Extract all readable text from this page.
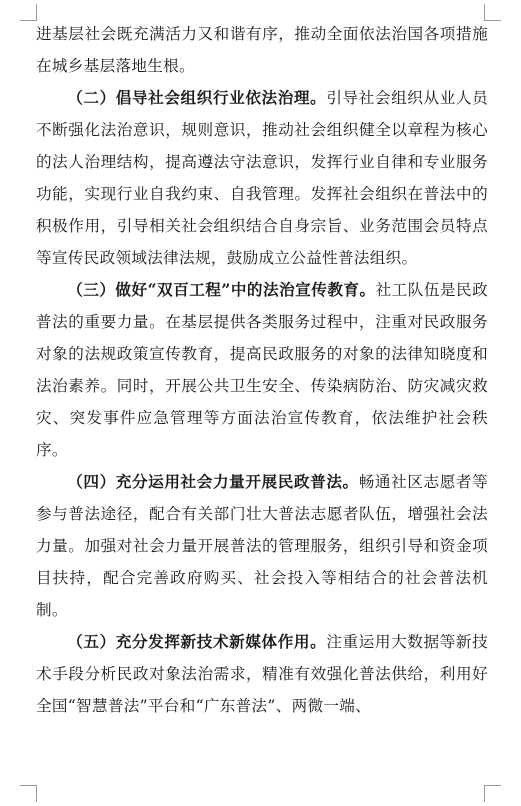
进基层社会既充满活力又和谐有序，推动全面依法治国各项措施在城乡基层落地生根。

（二）倡导社会组织行业依法治理。引导社会组织从业人员不断强化法治意识，规则意识，推动社会组织健全以章程为核心的法人治理结构，提高遵法守法意识，发挥行业自律和专业服务功能，实现行业自我约束、自我管理。发挥社会组织在普法中的积极作用，引导相关社会组织结合自身宗旨、业务范围会员特点等宣传民政领域法律法规，鼓励成立公益性普法组织。

（三）做好“双百工程”中的法治宣传教育。社工队伍是民政普法的重要力量。在基层提供各类服务过程中，注重对民政服务对象的法规政策宣传教育，提高民政服务的对象的法律知晓度和法治素养。同时，开展公共卫生安全、传染病防治、防灾减灾救灾、突发事件应急管理等方面法治宣传教育，依法维护社会秩序。

（四）充分运用社会力量开展民政普法。畅通社区志愿者等参与普法途径，配合有关部门壮大普法志愿者队伍，增强社会法力量。加强对社会力量开展普法的管理服务，组织引导和资金项目扶持，配合完善政府购买、社会投入等相结合的社会普法机制。

（五）充分发挥新技术新媒体作用。注重运用大数据等新技术手段分析民政对象法治需求，精准有效强化普法供给，利用好全国“智慧普法”平台和“广东普法”、两微一端、
